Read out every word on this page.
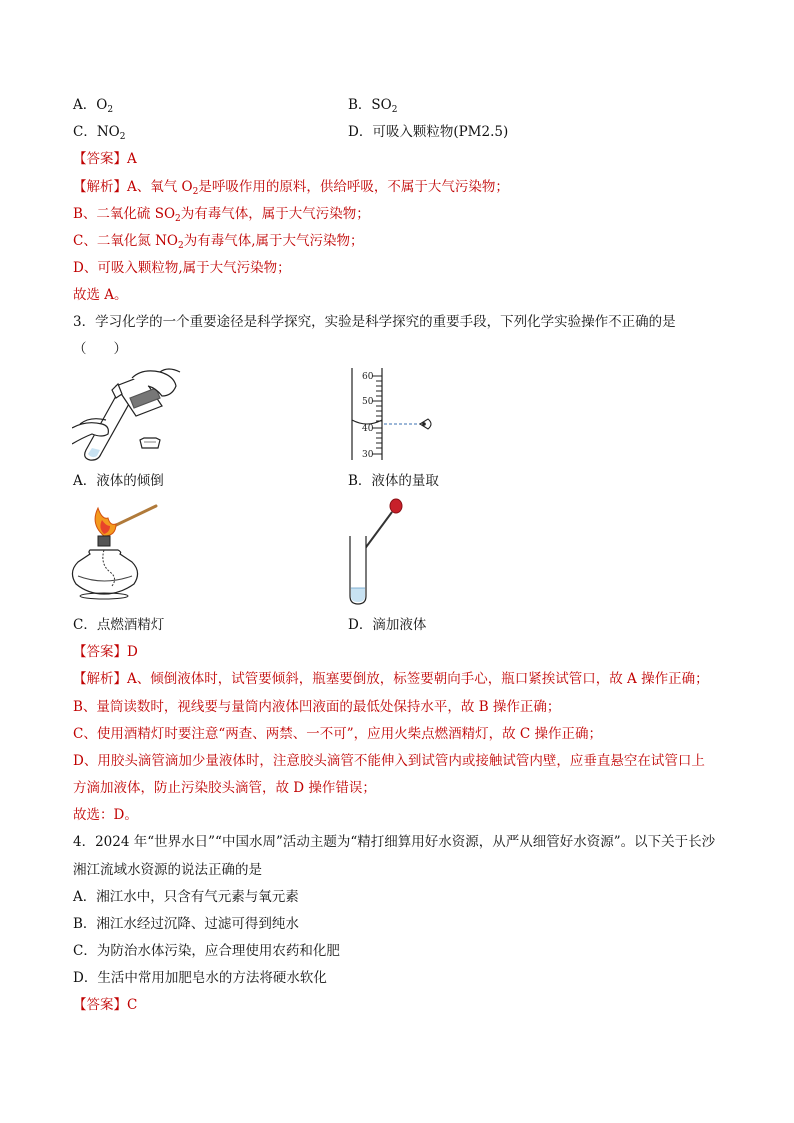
A．$O_2$	B．$SO_2$
C．$NO_2$	D．可吸入颗粒物(PM2.5)
【答案】A
【解析】A、氧气 $O_2$是呼吸作用的原料，供给呼吸，不属于大气污染物；
B、二氧化硫 $SO_2$为有毒气体，属于大气污染物；
C、二氧化氮 $NO_2$为有毒气体,属于大气污染物；
D、可吸入颗粒物,属于大气污染物；
故选 A。
3．学习化学的一个重要途径是科学探究，实验是科学探究的重要手段，下列化学实验操作不正确的是
（　　）
A．液体的倾倒
60
50
40
30
B．液体的量取
C．点燃酒精灯	D．滴加液体
【答案】D
【解析】A、倾倒液体时，试管要倾斜，瓶塞要倒放，标签要朝向手心，瓶口紧挨试管口，故 A 操作正确；
B、量筒读数时，视线要与量筒内液体凹液面的最低处保持水平，故 B 操作正确；
C、使用酒精灯时要注意“两查、两禁、一不可”，应用火柴点燃酒精灯，故 C 操作正确；
D、用胶头滴管滴加少量液体时，注意胶头滴管不能伸入到试管内或接触试管内壁，应垂直悬空在试管口上
方滴加液体，防止污染胶头滴管，故 D 操作错误；
故选：D。
4．2024 年“世界水日”“中国水周”活动主题为“精打细算用好水资源，从严从细管好水资源”。以下关于长沙
湘江流域水资源的说法正确的是
A．湘江水中，只含有气元素与氧元素
B．湘江水经过沉降、过滤可得到纯水
C．为防治水体污染，应合理使用农药和化肥
D．生活中常用加肥皂水的方法将硬水软化
【答案】C
